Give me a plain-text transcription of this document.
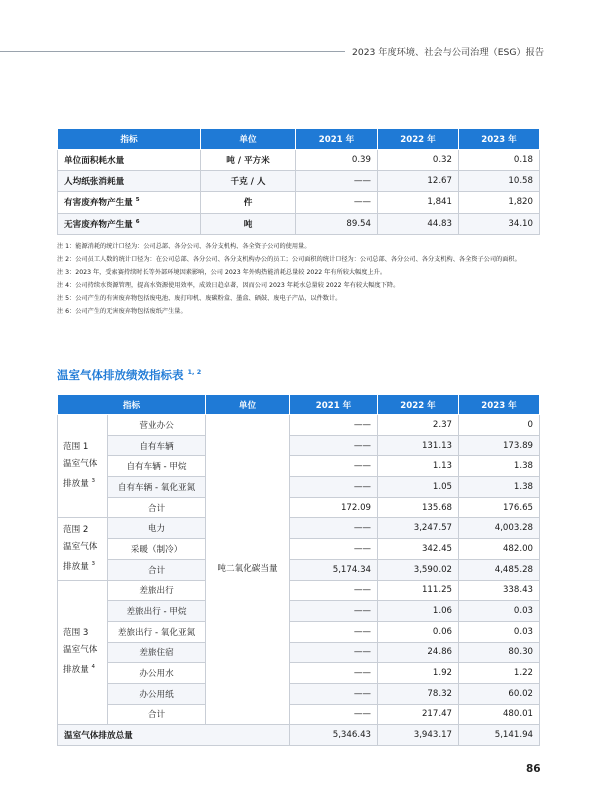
2023 年度环境、社会与公司治理（ESG）报告
指标	单位	2021 年	2022 年	2023 年
单位面积耗水量	吨 / 平方米	0.39	0.32	0.18
人均纸张消耗量	千克 / 人	——	12.67	10.58
有害废弃物产生量 $^5$	件	——	1,841	1,820
无害废弃物产生量 $^6$	吨	89.54	44.83	34.10
注 1：能源消耗的统计口径为：公司总部、各分公司、各分支机构、各全资子公司的使用量。
注 2：公司员工人数的统计口径为：在公司总部、各分公司、各分支机构办公的员工；公司面积的统计口径为：公司总部、各分公司、各分支机构、各全资子公司的面积。
注 3：2023 年，受索赛持续时长等外部环境因素影响，公司 2023 年外购热能消耗总量较 2022 年有所较大幅度上升。
注 4：公司持续水资源管理，提高水资源使用效率，成效日趋卓著，因而公司 2023 年耗水总量较 2022 年有较大幅度下降。
注 5：公司产生的有害废弃物包括废电池、废打印机、废碳粉盒、墨盒、硒鼓、废电子产品，以件数计。
注 6：公司产生的无害废弃物包括废纸产生量。
温室气体排放绩效指标表 $^{1, 2}$
指标		单位	2021 年	2022 年	2023 年

范围 1
温室气体
排放量 $^3$	营业办公	吨二氧化碳当量	——	2.37	0
	自有车辆		——	131.13	173.89
	自有车辆 - 甲烷		——	1.13	1.38
	自有车辆 - 氧化亚氮		——	1.05	1.38
	合计		172.09	135.68	176.65

范围 2
温室气体
排放量 $^3$	电力		——	3,247.57	4,003.28
	采暖（制冷）		——	342.45	482.00
	合计		5,174.34	3,590.02	4,485.28

范围 3
温室气体
排放量 $^4$	差旅出行		——	111.25	338.43
	差旅出行 - 甲烷		——	1.06	0.03
	差旅出行 - 氧化亚氮		——	0.06	0.03
	差旅住宿		——	24.86	80.30
	办公用水		——	1.92	1.22
	办公用纸		——	78.32	60.02
	合计		——	217.47	480.01
温室气体排放总量			5,346.43	3,943.17	5,141.94
86
